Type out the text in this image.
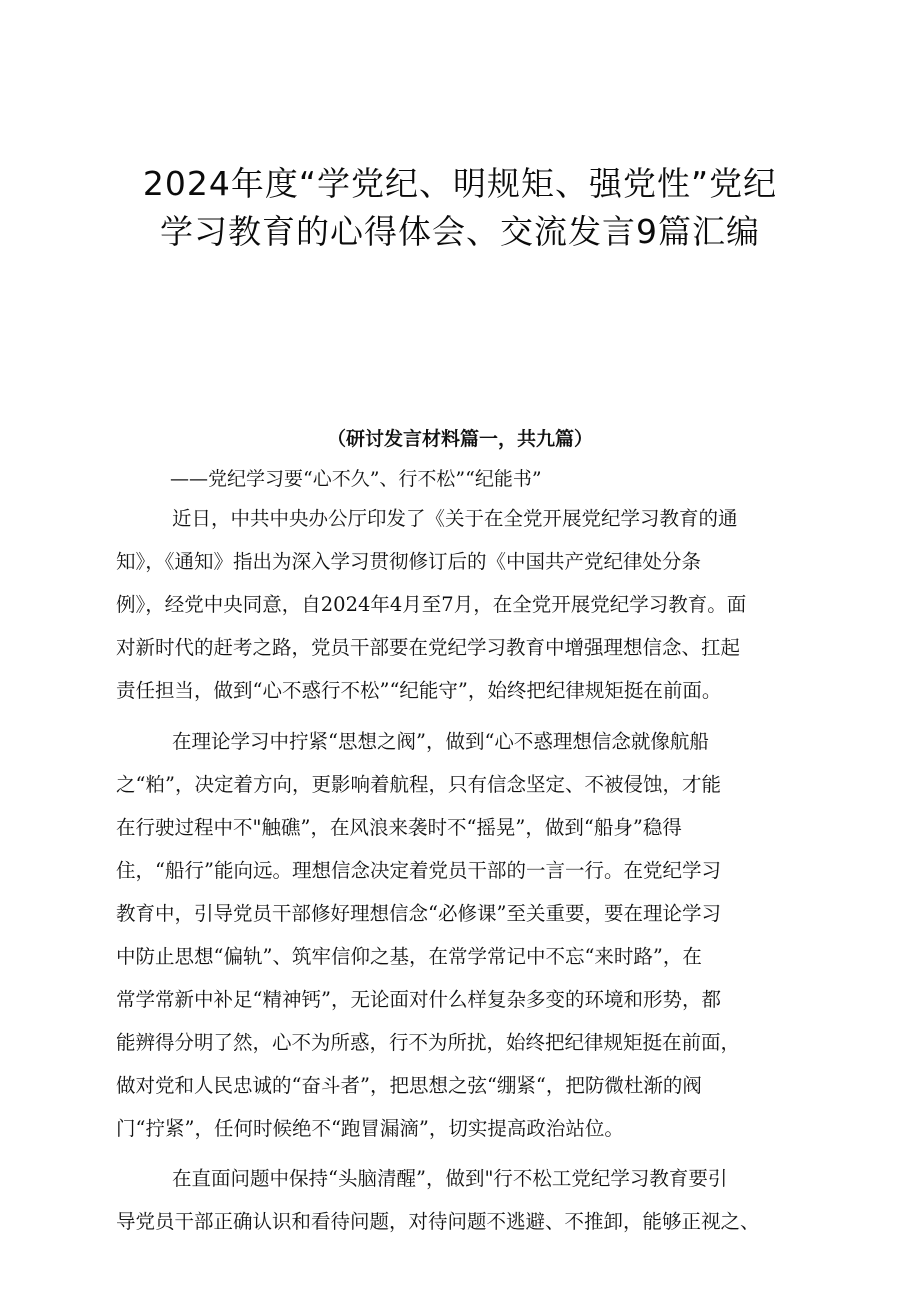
2024年度“学党纪、明规矩、强党性”党纪
学习教育的心得体会、交流发言9篇汇编
（研讨发言材料篇一，共九篇）
——党纪学习要“心不久”、行不松”“纪能书”
近日，中共中央办公厅印发了《关于在全党开展党纪学习教育的通
知》，《通知》指出为深入学习贯彻修订后的《中国共产党纪律处分条
例》，经党中央同意，自2024年4月至7月，在全党开展党纪学习教育。面
对新时代的赶考之路，党员干部要在党纪学习教育中增强理想信念、扛起
责任担当，做到“心不惑行不松”“纪能守”，始终把纪律规矩挺在前面。
在理论学习中拧紧“思想之阀”，做到“心不惑理想信念就像航船
之“粕”，决定着方向，更影响着航程，只有信念坚定、不被侵蚀，才能
在行驶过程中不"触礁”，在风浪来袭时不“摇晃”，做到“船身”稳得
住，“船行”能向远。理想信念决定着党员干部的一言一行。在党纪学习
教育中，引导党员干部修好理想信念“必修课”至关重要，要在理论学习
中防止思想“偏轨”、筑牢信仰之基，在常学常记中不忘“来时路”，在
常学常新中补足“精神钙”，无论面对什么样复杂多变的环境和形势，都
能辨得分明了然，心不为所惑，行不为所扰，始终把纪律规矩挺在前面，
做对党和人民忠诚的“奋斗者”，把思想之弦“绷紧“，把防微杜渐的阀
门“拧紧”，任何时候绝不“跑冒漏滴”，切实提高政治站位。
在直面问题中保持“头脑清醒”，做到"行不松工党纪学习教育要引
导党员干部正确认识和看待问题，对待问题不逃避、不推卸，能够正视之、
